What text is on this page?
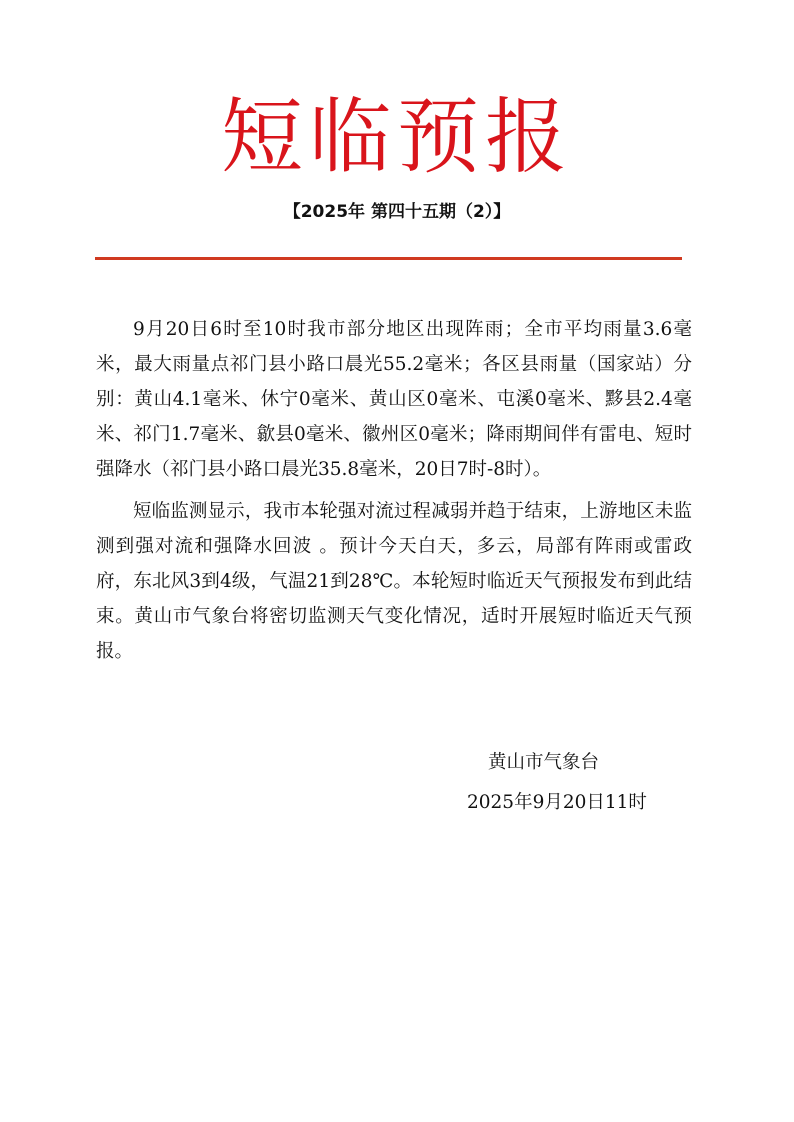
短临预报
【2025年 第四十五期（2）】

9月20日6时至10时我市部分地区出现阵雨；全市平均雨量3.6毫米，最大雨量点祁门县小路口晨光55.2毫米；各区县雨量（国家站）分别：黄山4.1毫米、休宁0毫米、黄山区0毫米、屯溪0毫米、黟县2.4毫米、祁门1.7毫米、歙县0毫米、徽州区0毫米；降雨期间伴有雷电、短时强降水（祁门县小路口晨光35.8毫米，20日7时-8时）。

短临监测显示，我市本轮强对流过程减弱并趋于结束，上游地区未监测到强对流和强降水回波 。预计今天白天，多云，局部有阵雨或雷政府，东北风3到4级，气温21到28℃。本轮短时临近天气预报发布到此结束。黄山市气象台将密切监测天气变化情况，适时开展短时临近天气预报。

黄山市气象台
2025年9月20日11时
